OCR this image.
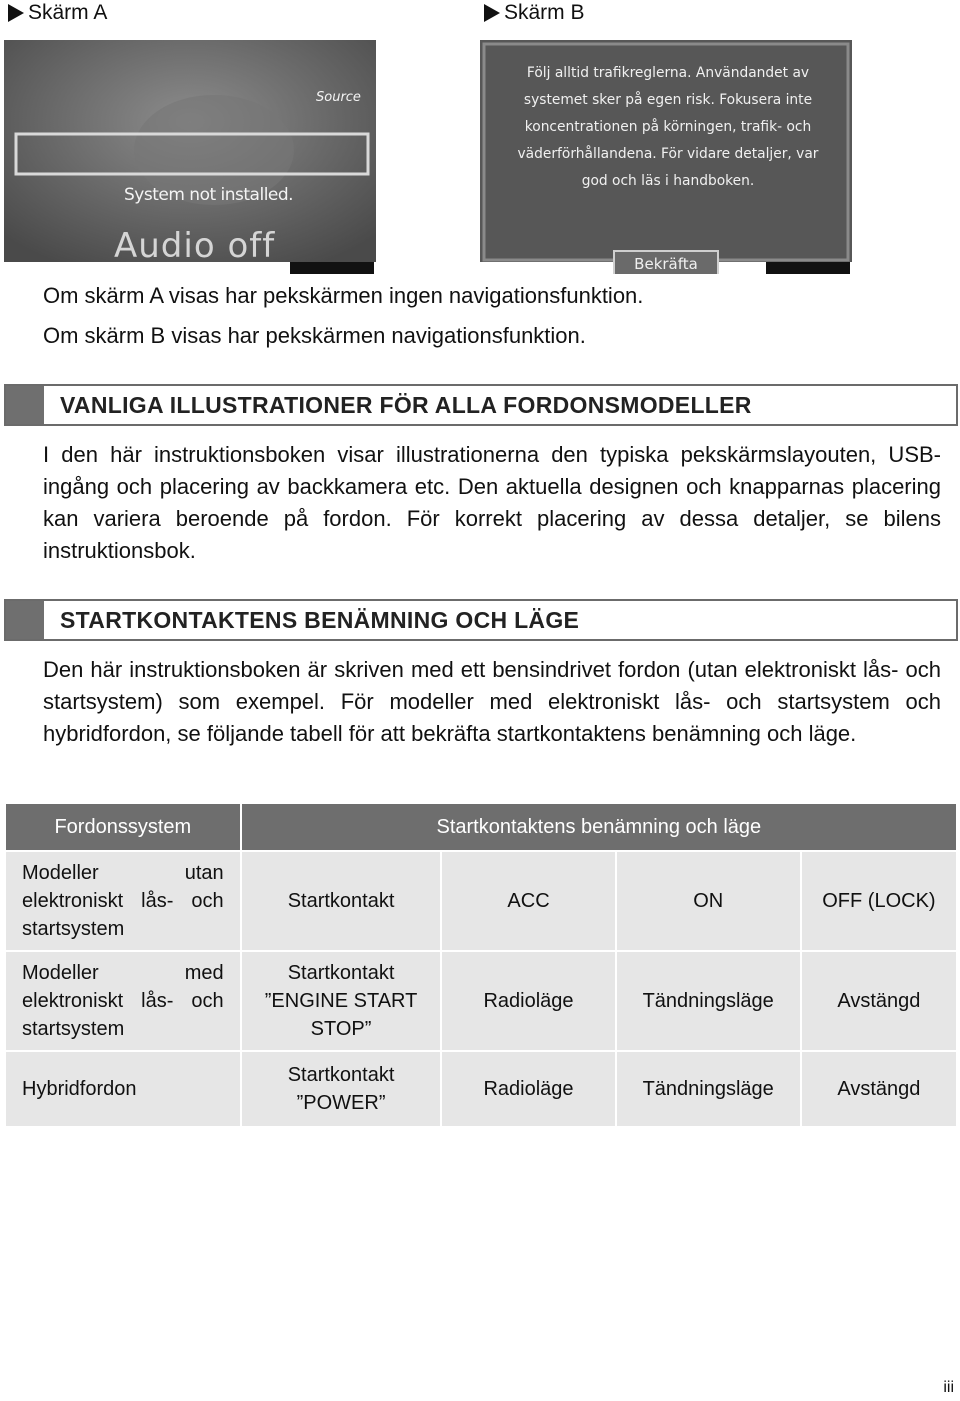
Skärm A	Skärm B
Source
System not installed.
Audio off
Följ alltid trafikreglerna. Användandet av systemet sker på egen risk. Fokusera inte koncentrationen på körningen, trafik- och väderförhållandena. För vidare detaljer, var god och läs i handboken.
Bekräfta
Om skärm A visas har pekskärmen ingen navigationsfunktion.
Om skärm B visas har pekskärmen navigationsfunktion.
VANLIGA ILLUSTRATIONER FÖR ALLA FORDONSMODELLER
I den här instruktionsboken visar illustrationerna den typiska pekskärmslayouten, USB-ingång och placering av backkamera etc. Den aktuella designen och knapparnas placering kan variera beroende på fordon. För korrekt placering av dessa detaljer, se bilens instruktionsbok.
STARTKONTAKTENS BENÄMNING OCH LÄGE
Den här instruktionsboken är skriven med ett bensindrivet fordon (utan elektroniskt lås- och startsystem) som exempel. För modeller med elektroniskt lås- och startsystem och hybridfordon, se följande tabell för att bekräfta startkontaktens benämning och läge.
Fordonssystem	Startkontaktens benämning och läge			
Modeller utan elektroniskt lås- och startsystem	Startkontakt	ACC	ON	OFF (LOCK)
Modeller med elektroniskt lås- och startsystem	Startkontakt ”ENGINE START STOP”	Radioläge	Tändningsläge	Avstängd
Hybridfordon	Startkontakt ”POWER”	Radioläge	Tändningsläge	Avstängd
iii
